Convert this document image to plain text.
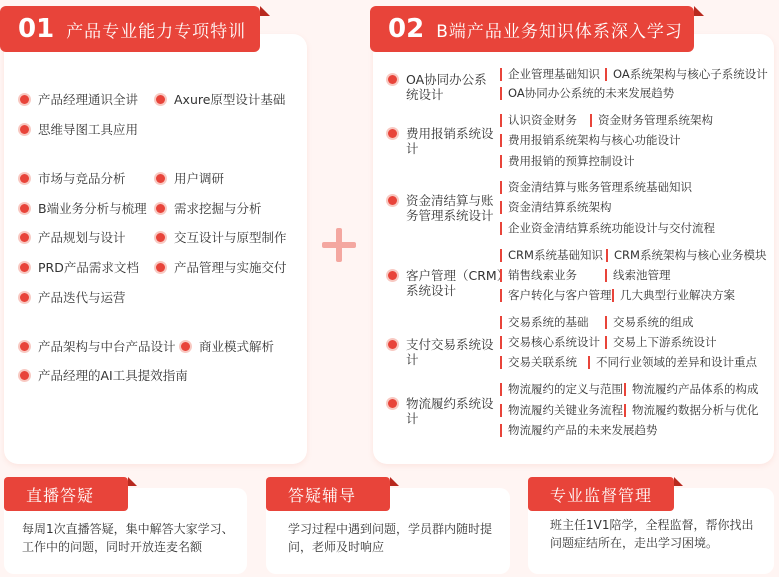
01 产品专业能力专项特训
产品经理通识全讲	Axure原型设计基础
思维导图工具应用
市场与竞品分析	用户调研
B端业务分析与梳理 需求挖掘与分析
产品规划与设计	交互设计与原型制作
PRD产品需求文档	产品管理与实施交付
产品迭代与运营
产品架构与中台产品设计 商业模式解析
产品经理的AI工具提效指南
02 B端产品业务知识体系深入学习
OA协同办公系统设计
企业管理基础知识	OA系统架构与核心子系统设计
OA协同办公系统的未来发展趋势
费用报销系统设计
认识资金财务	资金财务管理系统架构
费用报销系统架构与核心功能设计
费用报销的预算控制设计
资金清结算与账务管理系统设计
资金清结算与账务管理系统基础知识
资金清结算系统架构
企业资金清结算系统功能设计与交付流程
客户管理（CRM）系统设计
CRM系统基础知识 CRM系统架构与核心业务模块
销售线索业务	线索池管理
客户转化与客户管理 几大典型行业解决方案
支付交易系统设计
交易系统的基础	交易系统的组成
交易核心系统设计	交易上下游系统设计
交易关联系统	不同行业领域的差异和设计重点
物流履约系统设计
物流履约的定义与范围 物流履约产品体系的构成
物流履约关键业务流程 物流履约数据分析与优化
物流履约产品的未来发展趋势
直播答疑
每周1次直播答疑，集中解答大家学习、工作中的问题，同时开放连麦名额
答疑辅导
学习过程中遇到问题，学员群内随时提问，老师及时响应
专业监督管理
班主任1V1陪学，全程监督，帮你找出问题症结所在，走出学习困境。
